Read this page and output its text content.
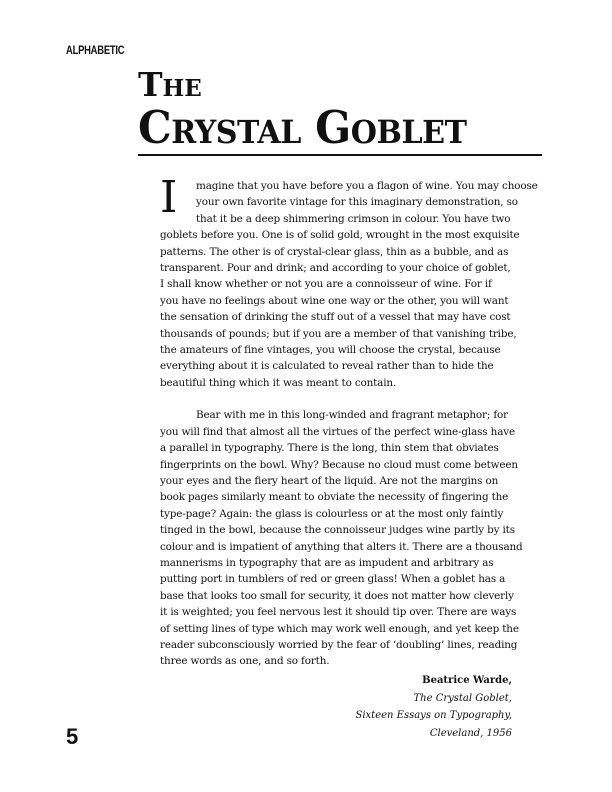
ALPHABETIC
The
Crystal Goblet
I	magine that you have before you a flagon of wine. You may choose
your own favorite vintage for this imaginary demonstration, so
that it be a deep shimmering crimson in colour. You have two
goblets before you. One is of solid gold, wrought in the most exquisite
patterns. The other is of crystal-clear glass, thin as a bubble, and as
transparent. Pour and drink; and according to your choice of goblet,
I shall know whether or not you are a connoisseur of wine. For if
you have no feelings about wine one way or the other, you will want
the sensation of drinking the stuff out of a vessel that may have cost
thousands of pounds; but if you are a member of that vanishing tribe,
the amateurs of fine vintages, you will choose the crystal, because
everything about it is calculated to reveal rather than to hide the
beautiful thing which it was meant to contain.
Bear with me in this long-winded and fragrant metaphor; for
you will find that almost all the virtues of the perfect wine-glass have
a parallel in typography. There is the long, thin stem that obviates
fingerprints on the bowl. Why? Because no cloud must come between
your eyes and the fiery heart of the liquid. Are not the margins on
book pages similarly meant to obviate the necessity of fingering the
type-page? Again: the glass is colourless or at the most only faintly
tinged in the bowl, because the connoisseur judges wine partly by its
colour and is impatient of anything that alters it. There are a thousand
mannerisms in typography that are as impudent and arbitrary as
putting port in tumblers of red or green glass! When a goblet has a
base that looks too small for security, it does not matter how cleverly
it is weighted; you feel nervous lest it should tip over. There are ways
of setting lines of type which may work well enough, and yet keep the
reader subconsciously worried by the fear of ‘doubling’ lines, reading
three words as one, and so forth.
Beatrice Warde,
The Crystal Goblet,
Sixteen Essays on Typography,
Cleveland, 1956
5
